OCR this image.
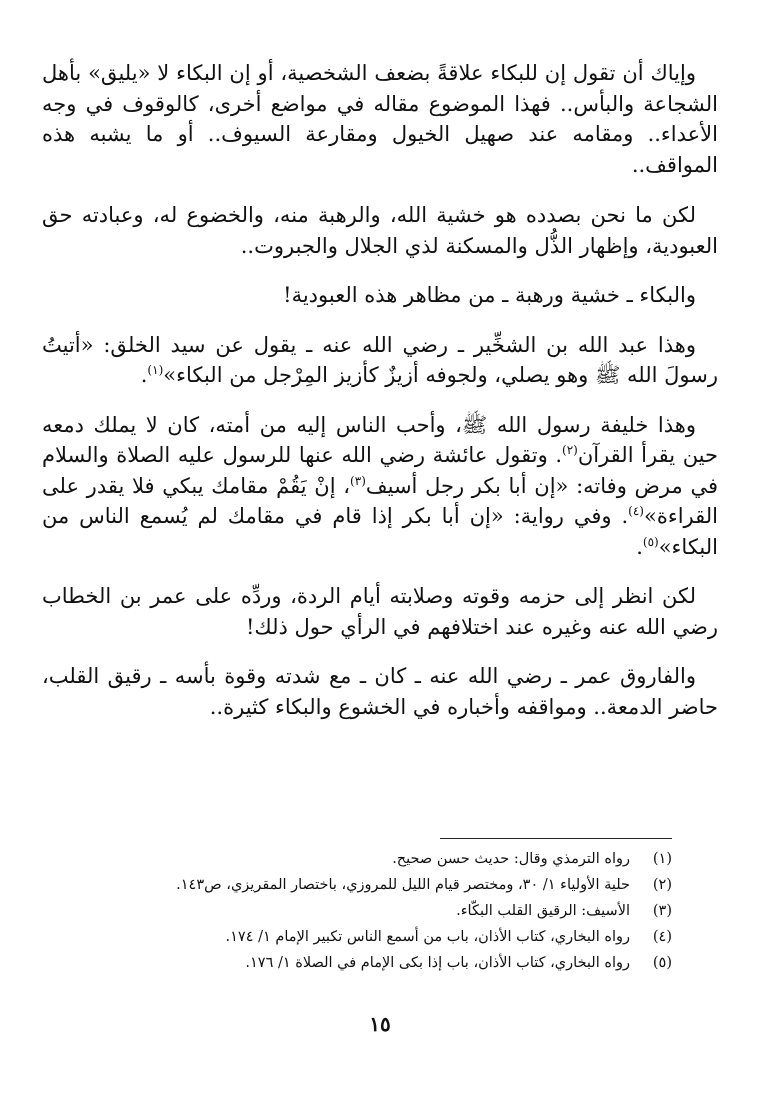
وإياك أن تقول إن للبكاء علاقةً بضعف الشخصية، أو إن البكاء لا «يليق» بأهل الشجاعة والبأس.. فهذا الموضوع مقاله في مواضع أخرى، كالوقوف في وجه الأعداء.. ومقامه عند صهيل الخيول ومقارعة السيوف.. أو ما يشبه هذه المواقف..

لكن ما نحن بصدده هو خشية الله، والرهبة منه، والخضوع له، وعبادته حق العبودية، وإظهار الذُّل والمسكنة لذي الجلال والجبروت..

والبكاء ـ خشية ورهبة ـ من مظاهر هذه العبودية!

وهذا عبد الله بن الشخِّير ـ رضي الله عنه ـ يقول عن سيد الخلق: «أتيتُ رسولَ الله ﷺ وهو يصلي، ولجوفه أزيزٌ كأزيز المِرْجل من البكاء»$^{(١)}$.

وهذا خليفة رسول الله ﷺ، وأحب الناس إليه من أمته، كان لا يملك دمعه حين يقرأ القرآن$^{(٢)}$. وتقول عائشة رضي الله عنها للرسول عليه الصلاة والسلام في مرض وفاته: «إن أبا بكر رجل أسيف$^{(٣)}$، إنْ يَقُمْ مقامك يبكي فلا يقدر على القراءة»$^{(٤)}$. وفي رواية: «إن أبا بكر إذا قام في مقامك لم يُسمع الناس من البكاء»$^{(٥)}$.

لكن انظر إلى حزمه وقوته وصلابته أيام الردة، وردِّه على عمر بن الخطاب رضي الله عنه وغيره عند اختلافهم في الرأي حول ذلك!

والفاروق عمر ـ رضي الله عنه ـ كان ـ مع شدته وقوة بأسه ـ رقيق القلب، حاضر الدمعة.. ومواقفه وأخباره في الخشوع والبكاء كثيرة..

(١)
رواه الترمذي وقال: حديث حسن صحيح.
(٢)
حلية الأولياء ١/ ٣٠، ومختصر قيام الليل للمروزي، باختصار المقريزي، ص١٤٣.
(٣)
الأسيف: الرقيق القلب البكّاء.
(٤)
رواه البخاري، كتاب الأذان، باب من أسمع الناس تكبير الإمام ١/ ١٧٤.
(٥)
رواه البخاري، كتاب الأذان، باب إذا بكى الإمام في الصلاة ١/ ١٧٦.
١٥
